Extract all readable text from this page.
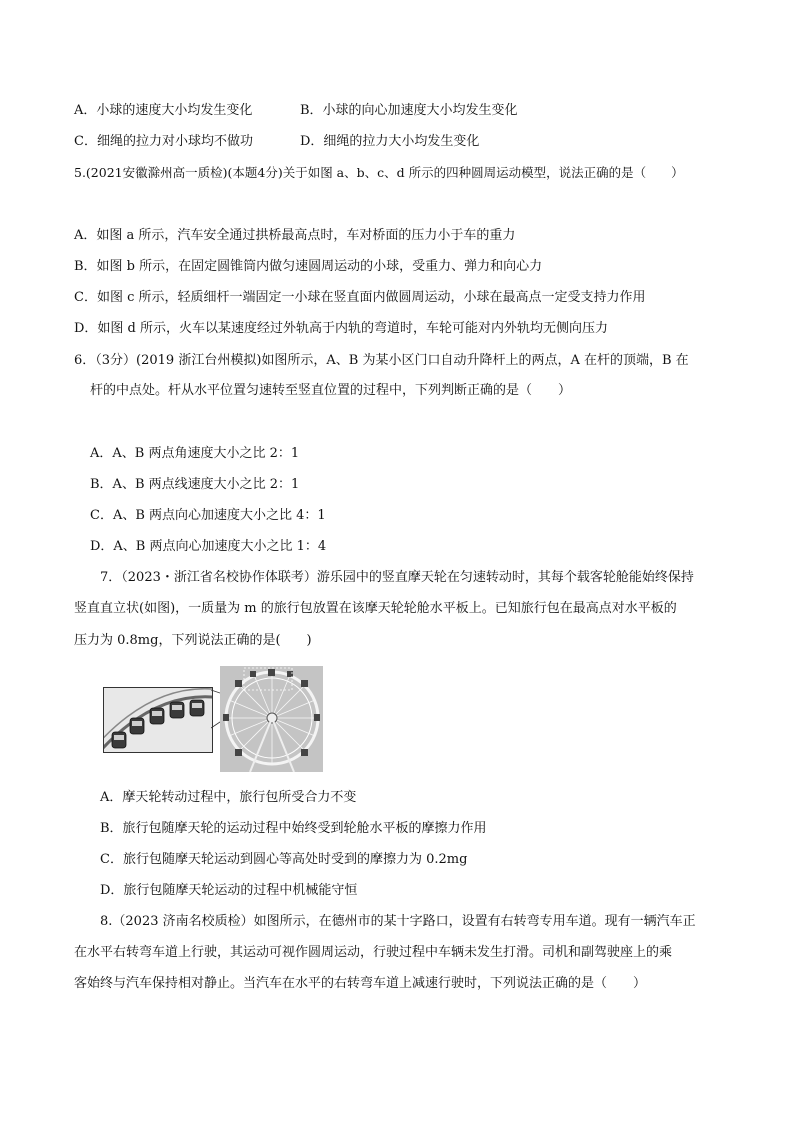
A．小球的速度大小均发生变化	B．小球的向心加速度大小均发生变化
C．细绳的拉力对小球均不做功	D．细绳的拉力大小均发生变化
5.(2021安徽滁州高一质检)(本题4分)关于如图 a、b、c、d 所示的四种圆周运动模型，说法正确的是（　　）
A．如图 a 所示，汽车安全通过拱桥最高点时，车对桥面的压力小于车的重力
B．如图 b 所示，在固定圆锥筒内做匀速圆周运动的小球，受重力、弹力和向心力
C．如图 c 所示，轻质细杆一端固定一小球在竖直面内做圆周运动，小球在最高点一定受支持力作用
D．如图 d 所示，火车以某速度经过外轨高于内轨的弯道时，车轮可能对内外轨均无侧向压力
6．（3分）(2019 浙江台州模拟)如图所示，A、B 为某小区门口自动升降杆上的两点，A 在杆的顶端，B 在
杆的中点处。杆从水平位置匀速转至竖直位置的过程中，下列判断正确的是（　　）
A．A、B 两点角速度大小之比 2：1
B．A、B 两点线速度大小之比 2：1
C．A、B 两点向心加速度大小之比 4：1
D．A、B 两点向心加速度大小之比 1：4
7．（2023・浙江省名校协作体联考）游乐园中的竖直摩天轮在匀速转动时，其每个载客轮舱能始终保持
竖直直立状(如图)，一质量为 m 的旅行包放置在该摩天轮轮舱水平板上。已知旅行包在最高点对水平板的
压力为 0.8mg，下列说法正确的是(　　)
A．摩天轮转动过程中，旅行包所受合力不变
B．旅行包随摩天轮的运动过程中始终受到轮舱水平板的摩擦力作用
C．旅行包随摩天轮运动到圆心等高处时受到的摩擦力为 0.2mg
D．旅行包随摩天轮运动的过程中机械能守恒
8.（2023 济南名校质检）如图所示，在德州市的某十字路口，设置有右转弯专用车道。现有一辆汽车正
在水平右转弯车道上行驶，其运动可视作圆周运动，行驶过程中车辆未发生打滑。司机和副驾驶座上的乘
客始终与汽车保持相对静止。当汽车在水平的右转弯车道上减速行驶时，下列说法正确的是（　　）
